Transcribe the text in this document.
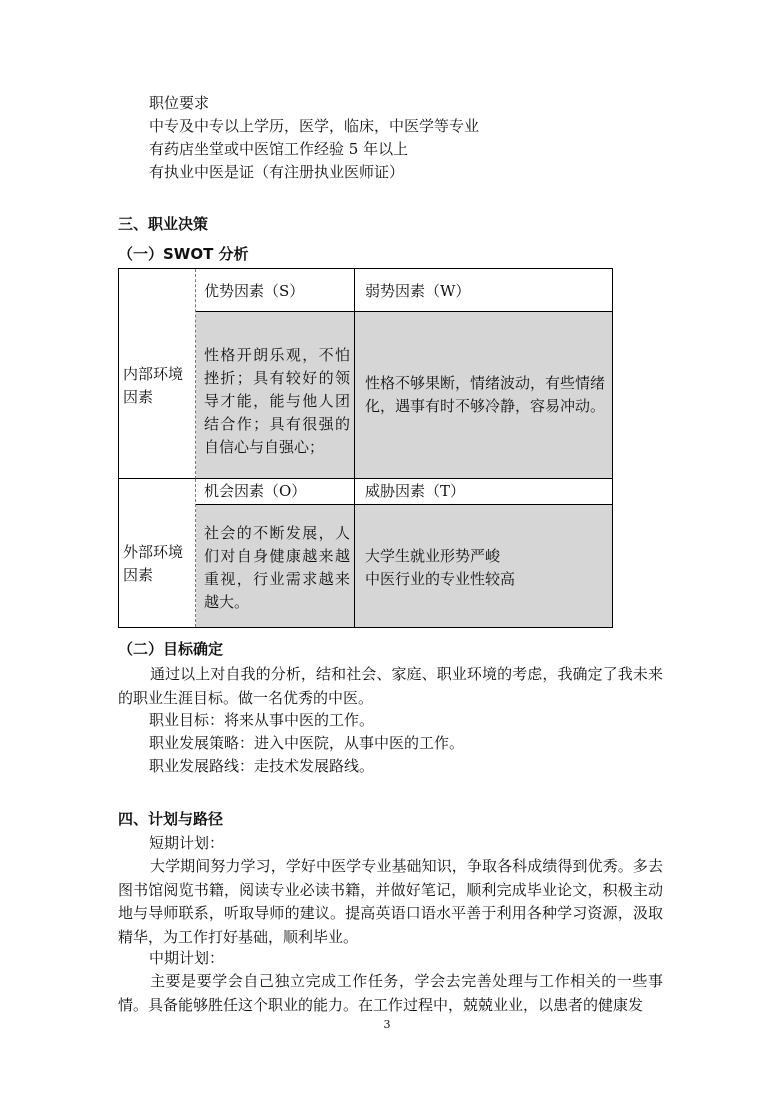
职位要求
中专及中专以上学历，医学，临床，中医学等专业
有药店坐堂或中医馆工作经验 5 年以上
有执业中医是证（有注册执业医师证）
三、职业决策
（一）SWOT 分析
内部环境因素
外部环境因素
优势因素（S）	弱势因素（W）
性格开朗乐观，不怕挫折；具有较好的领导才能，能与他人团结合作；具有很强的自信心与自强心；
性格不够果断，情绪波动，有些情绪化，遇事有时不够冷静，容易冲动。
机会因素（O）	威胁因素（T）
社会的不断发展，人们对自身健康越来越重视，行业需求越来越大。
大学生就业形势严峻
中医行业的专业性较高
（二）目标确定
通过以上对自我的分析，结和社会、家庭、职业环境的考虑，我确定了我未来的职业生涯目标。做一名优秀的中医。
职业目标：将来从事中医的工作。
职业发展策略：进入中医院，从事中医的工作。
职业发展路线：走技术发展路线。
四、计划与路径
短期计划：
大学期间努力学习，学好中医学专业基础知识，争取各科成绩得到优秀。多去图书馆阅览书籍，阅读专业必读书籍，并做好笔记，顺利完成毕业论文，积极主动地与导师联系，听取导师的建议。提高英语口语水平善于利用各种学习资源，汲取精华，为工作打好基础，顺利毕业。
中期计划：
主要是要学会自己独立完成工作任务，学会去完善处理与工作相关的一些事情。具备能够胜任这个职业的能力。在工作过程中，兢兢业业，以患者的健康发
3
